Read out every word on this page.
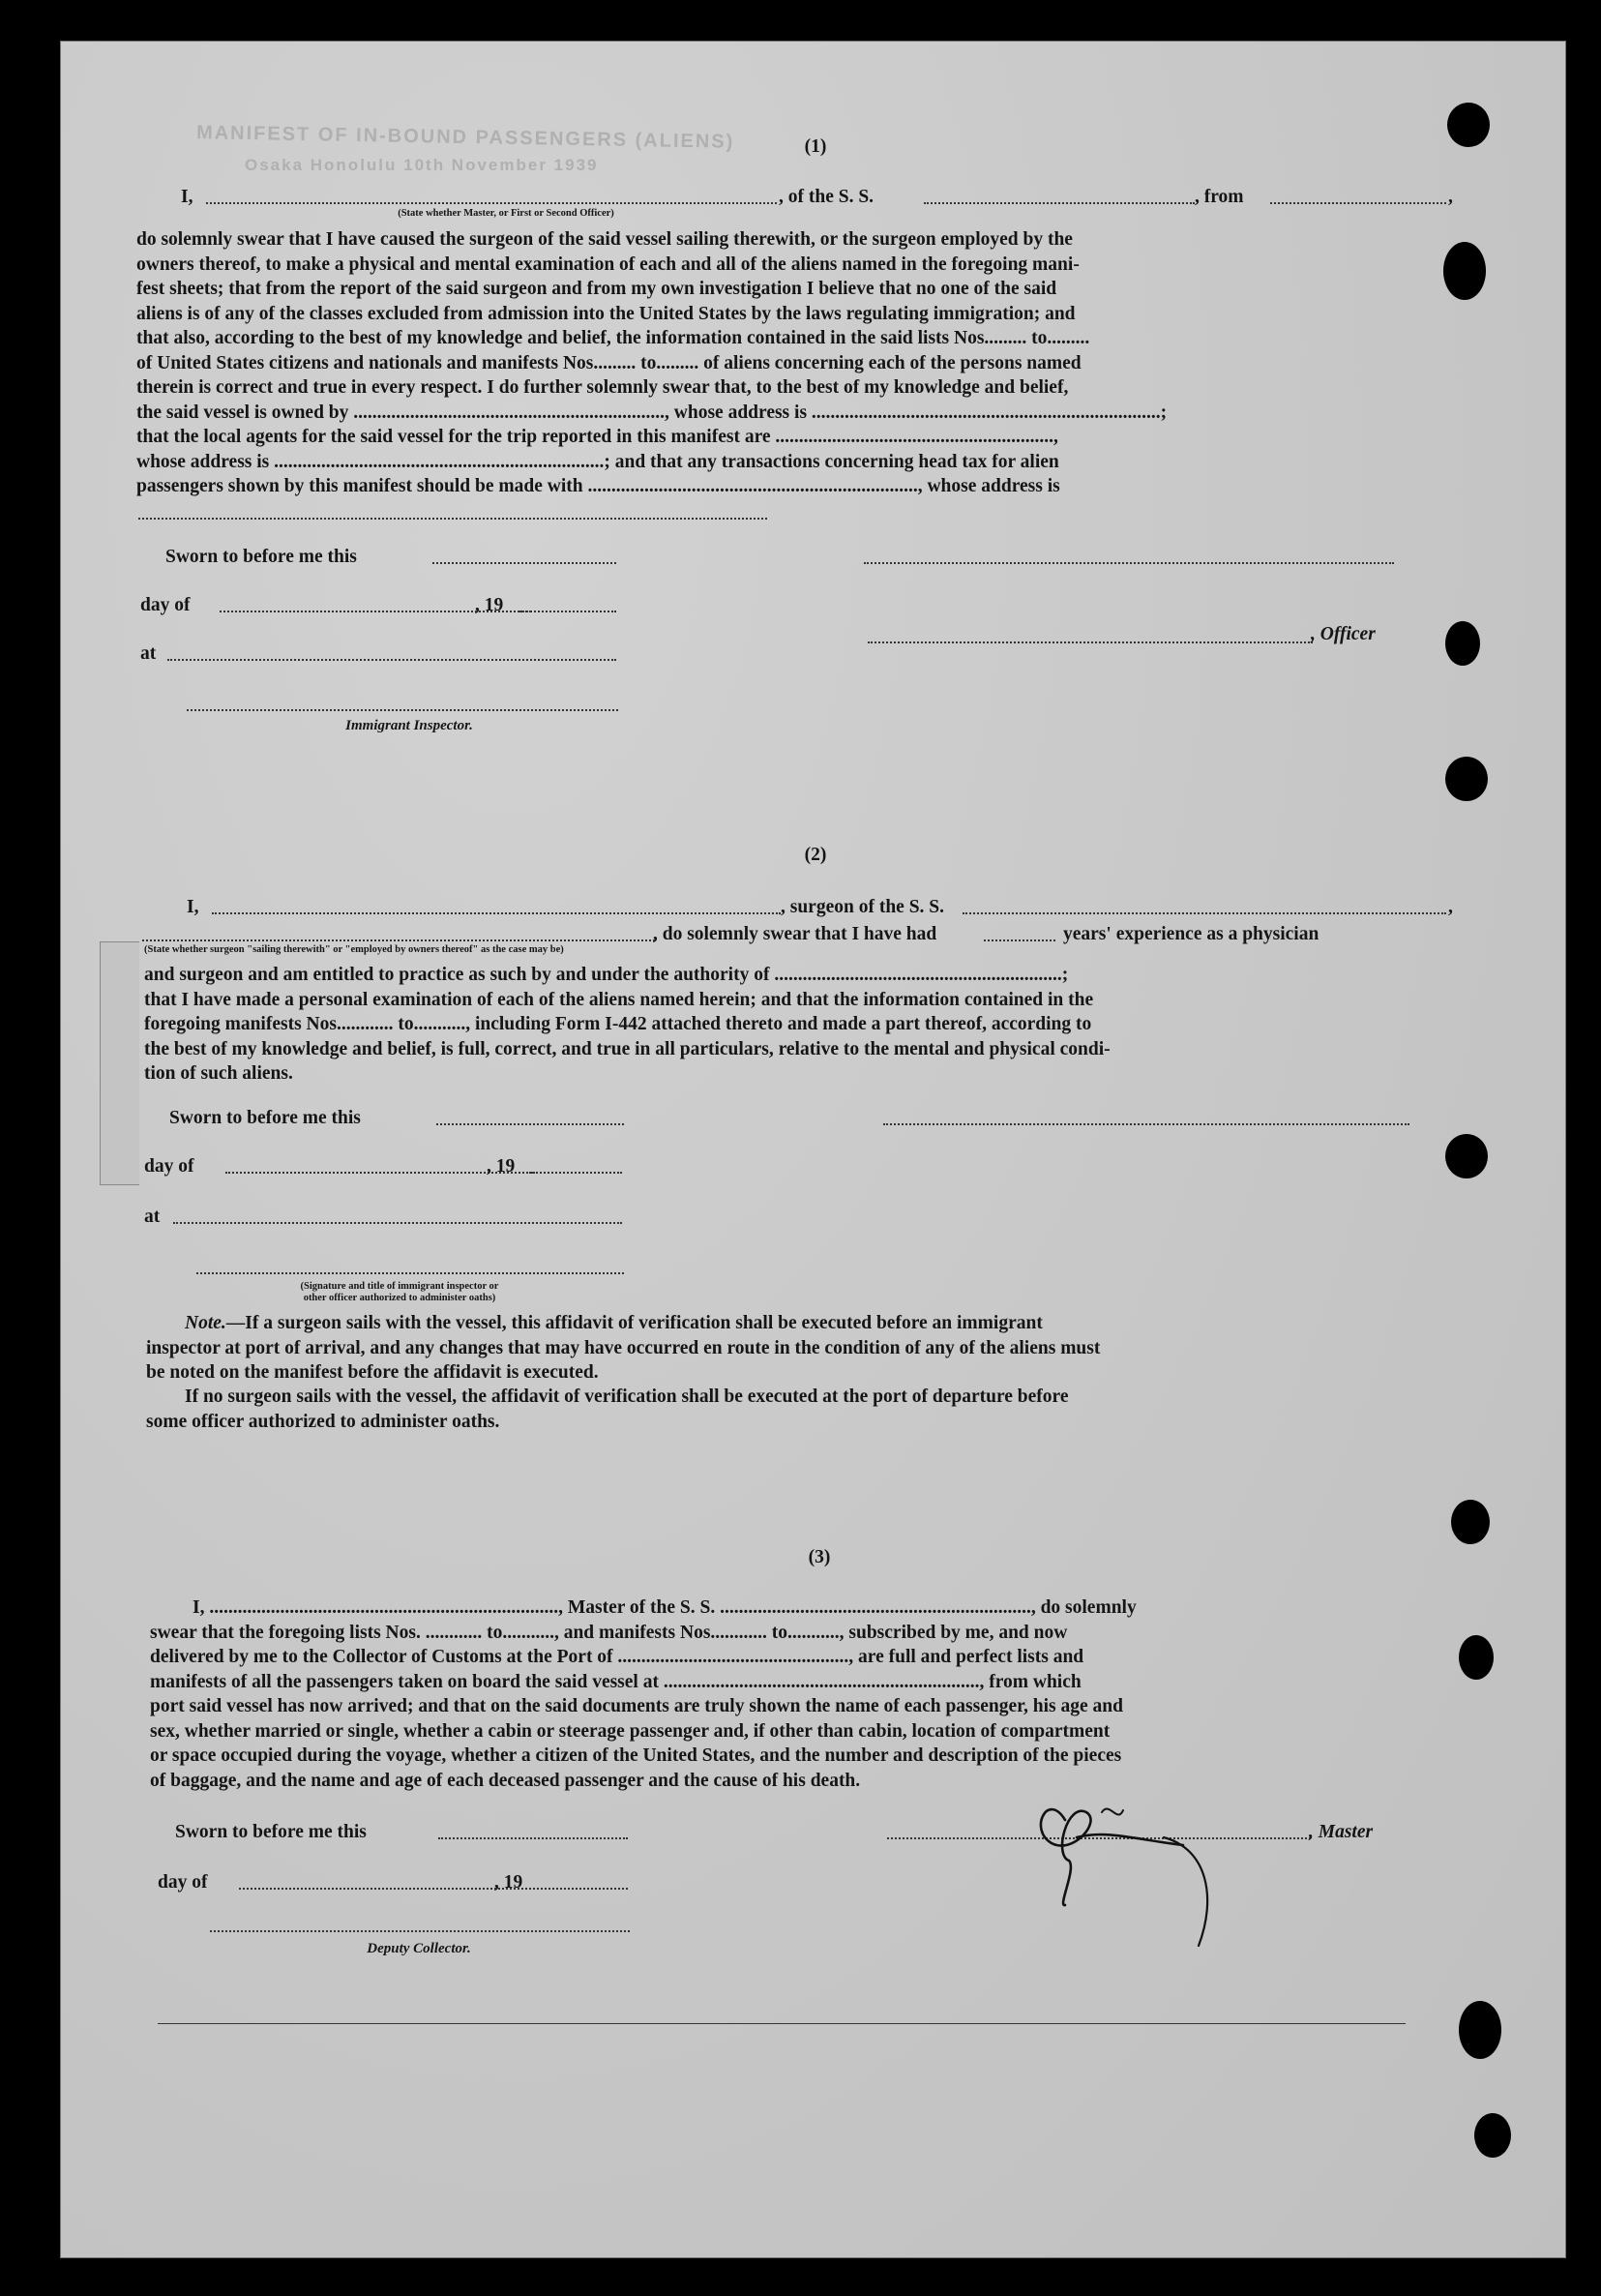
MANIFEST OF IN-BOUND PASSENGERS (ALIENS)
Osaka Honolulu 10th November 1939
(1)
I,	, of the S. S.	, from	,
(State whether Master, or First or Second Officer)
do solemnly swear that I have caused the surgeon of the said vessel sailing therewith, or the surgeon employed by the
owners thereof, to make a physical and mental examination of each and all of the aliens named in the foregoing mani-
fest sheets; that from the report of the said surgeon and from my own investigation I believe that no one of the said
aliens is of any of the classes excluded from admission into the United States by the laws regulating immigration; and
that also, according to the best of my knowledge and belief, the information contained in the said lists Nos......... to.........
of United States citizens and nationals and manifests Nos......... to......... of aliens concerning each of the persons named
therein is correct and true in every respect. I do further solemnly swear that, to the best of my knowledge and belief,
the said vessel is owned by .................................................................., whose address is ..........................................................................;
that the local agents for the said vessel for the trip reported in this manifest are ...........................................................,
whose address is ......................................................................; and that any transactions concerning head tax for alien
passengers shown by this manifest should be made with ......................................................................, whose address is
Sworn to before me this
day of	, 19
, Officer
at
Immigrant Inspector.
(2)
I,	, surgeon of the S. S.	,
, do solemnly swear that I have had	years' experience as a physician
(State whether surgeon "sailing therewith" or "employed by owners thereof" as the case may be)
and surgeon and am entitled to practice as such by and under the authority of .............................................................;
that I have made a personal examination of each of the aliens named herein; and that the information contained in the
foregoing manifests Nos............ to..........., including Form I-442 attached thereto and made a part thereof, according to
the best of my knowledge and belief, is full, correct, and true in all particulars, relative to the mental and physical condi-
tion of such aliens.
Sworn to before me this
day of	, 19
at
(Signature and title of immigrant inspector or
other officer authorized to administer oaths)
Note.—If a surgeon sails with the vessel, this affidavit of verification shall be executed before an immigrant
inspector at port of arrival, and any changes that may have occurred en route in the condition of any of the aliens must
be noted on the manifest before the affidavit is executed.
If no surgeon sails with the vessel, the affidavit of verification shall be executed at the port of departure before
some officer authorized to administer oaths.
(3)
I, .........................................................................., Master of the S. S. .................................................................., do solemnly
swear that the foregoing lists Nos. ............ to..........., and manifests Nos............ to..........., subscribed by me, and now
delivered by me to the Collector of Customs at the Port of ................................................., are full and perfect lists and
manifests of all the passengers taken on board the said vessel at ..................................................................., from which
port said vessel has now arrived; and that on the said documents are truly shown the name of each passenger, his age and
sex, whether married or single, whether a cabin or steerage passenger and, if other than cabin, location of compartment
or space occupied during the voyage, whether a citizen of the United States, and the number and description of the pieces
of baggage, and the name and age of each deceased passenger and the cause of his death.
Sworn to before me this	, Master
day of	, 19
Deputy Collector.
